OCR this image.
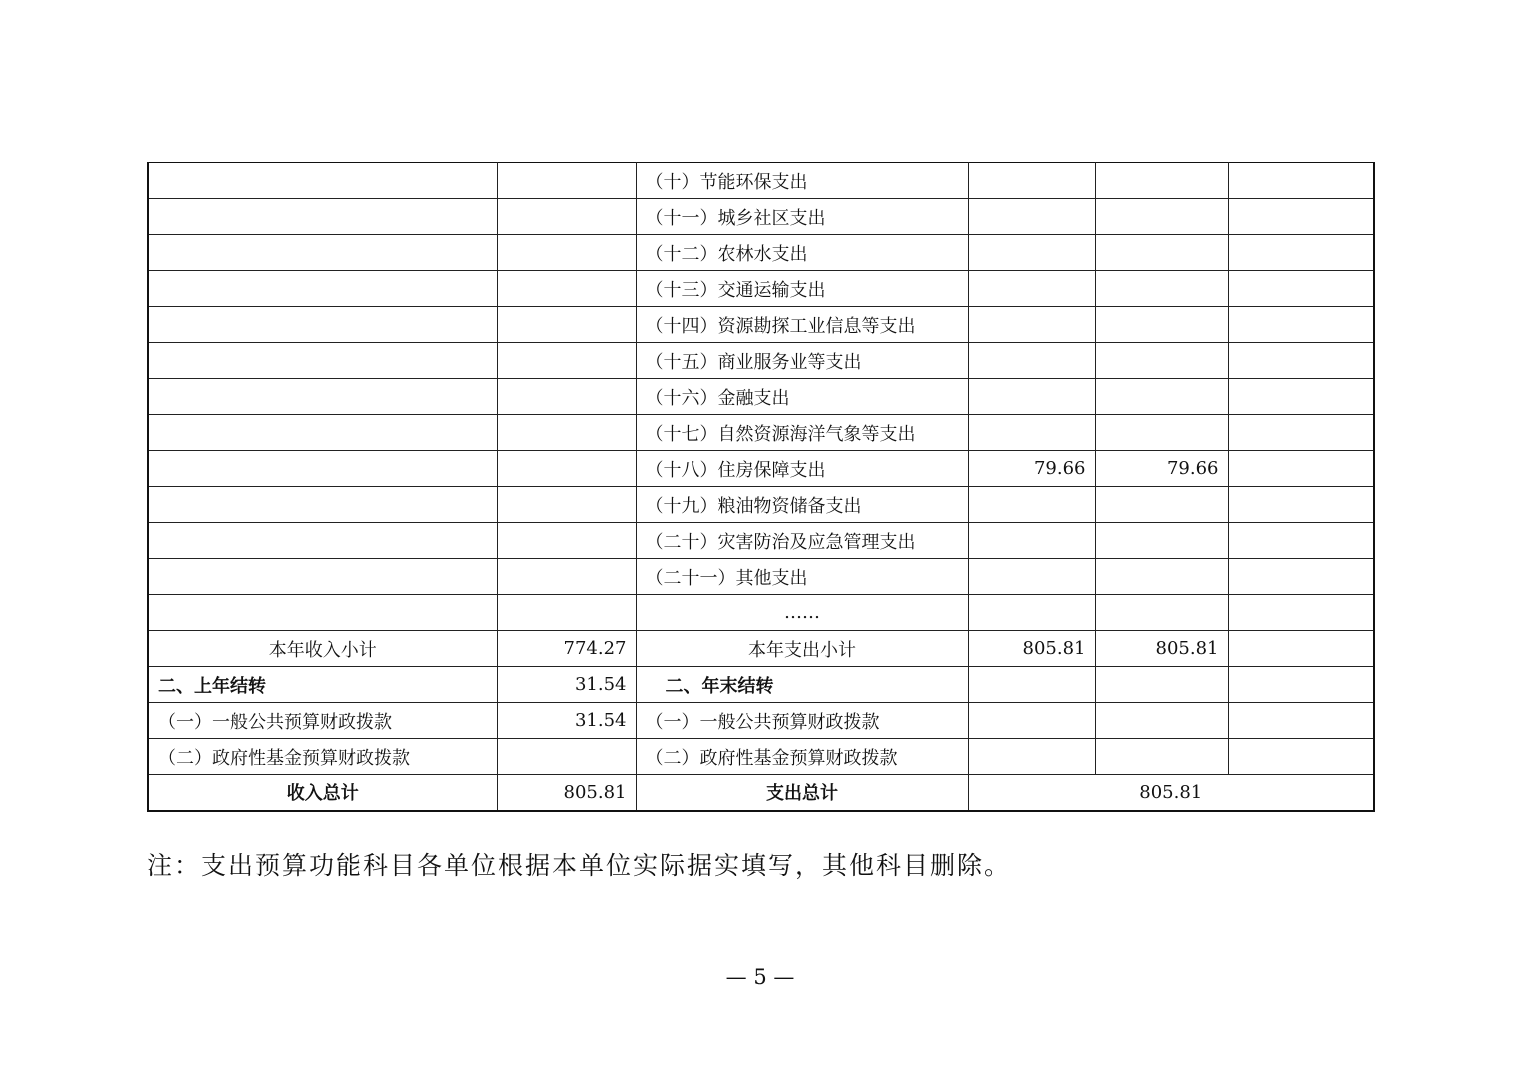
		（十）节能环保支出			
		（十一）城乡社区支出			
		（十二）农林水支出			
		（十三）交通运输支出			
		（十四）资源勘探工业信息等支出			
		（十五）商业服务业等支出			
		（十六）金融支出			
		（十七）自然资源海洋气象等支出			
		（十八）住房保障支出	79.66	79.66	
		（十九）粮油物资储备支出			
		（二十）灾害防治及应急管理支出			
		（二十一）其他支出			
		……			
本年收入小计	774.27	本年支出小计	805.81	805.81	
二、上年结转	31.54	二、年末结转			
（一）一般公共预算财政拨款	31.54	（一）一般公共预算财政拨款			
（二）政府性基金预算财政拨款		（二）政府性基金预算财政拨款			
收入总计	805.81	支出总计	805.81		
注：支出预算功能科目各单位根据本单位实际据实填写，其他科目删除。
— 5 —
